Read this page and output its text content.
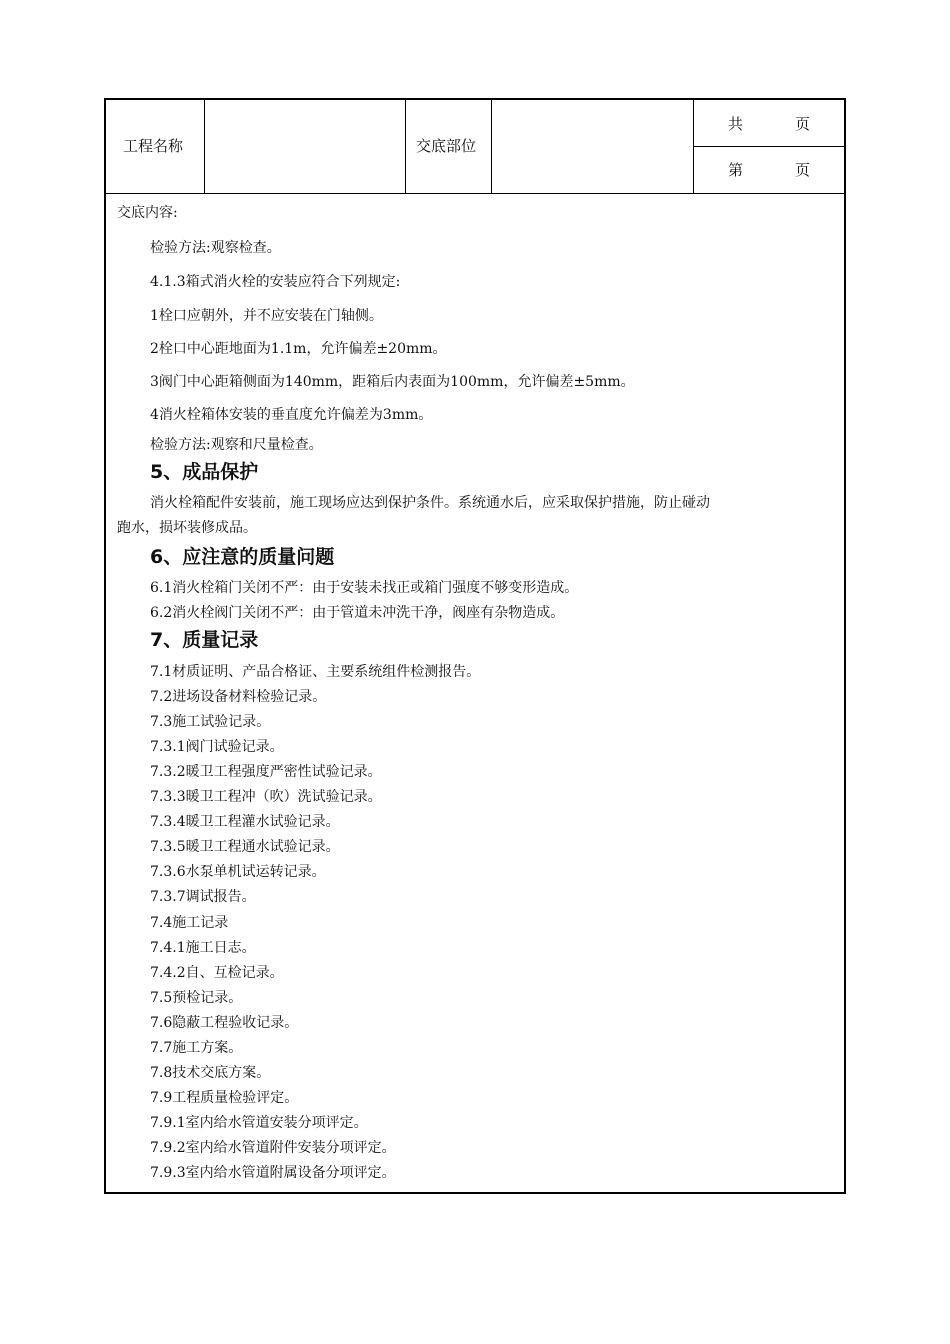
工程名称	交底部位
共	页
第	页
交底内容:
检验方法:观察检查。
4.1.3箱式消火栓的安装应符合下列规定:
1栓口应朝外，并不应安装在门轴侧。
2栓口中心距地面为1.1m，允许偏差±20mm。
3阀门中心距箱侧面为140mm，距箱后内表面为100mm，允许偏差±5mm。
4消火栓箱体安装的垂直度允许偏差为3mm。
检验方法:观察和尺量检查。
5、成品保护
消火栓箱配件安装前，施工现场应达到保护条件。系统通水后，应采取保护措施，防止碰动
跑水，损坏装修成品。
6、应注意的质量问题
6.1消火栓箱门关闭不严：由于安装未找正或箱门强度不够变形造成。
6.2消火栓阀门关闭不严：由于管道未冲洗干净，阀座有杂物造成。
7、质量记录
7.1材质证明、产品合格证、主要系统组件检测报告。
7.2进场设备材料检验记录。
7.3施工试验记录。
7.3.1阀门试验记录。
7.3.2暖卫工程强度严密性试验记录。
7.3.3暖卫工程冲（吹）洗试验记录。
7.3.4暖卫工程灌水试验记录。
7.3.5暖卫工程通水试验记录。
7.3.6水泵单机试运转记录。
7.3.7调试报告。
7.4施工记录
7.4.1施工日志。
7.4.2自、互检记录。
7.5预检记录。
7.6隐蔽工程验收记录。
7.7施工方案。
7.8技术交底方案。
7.9工程质量检验评定。
7.9.1室内给水管道安装分项评定。
7.9.2室内给水管道附件安装分项评定。
7.9.3室内给水管道附属设备分项评定。
